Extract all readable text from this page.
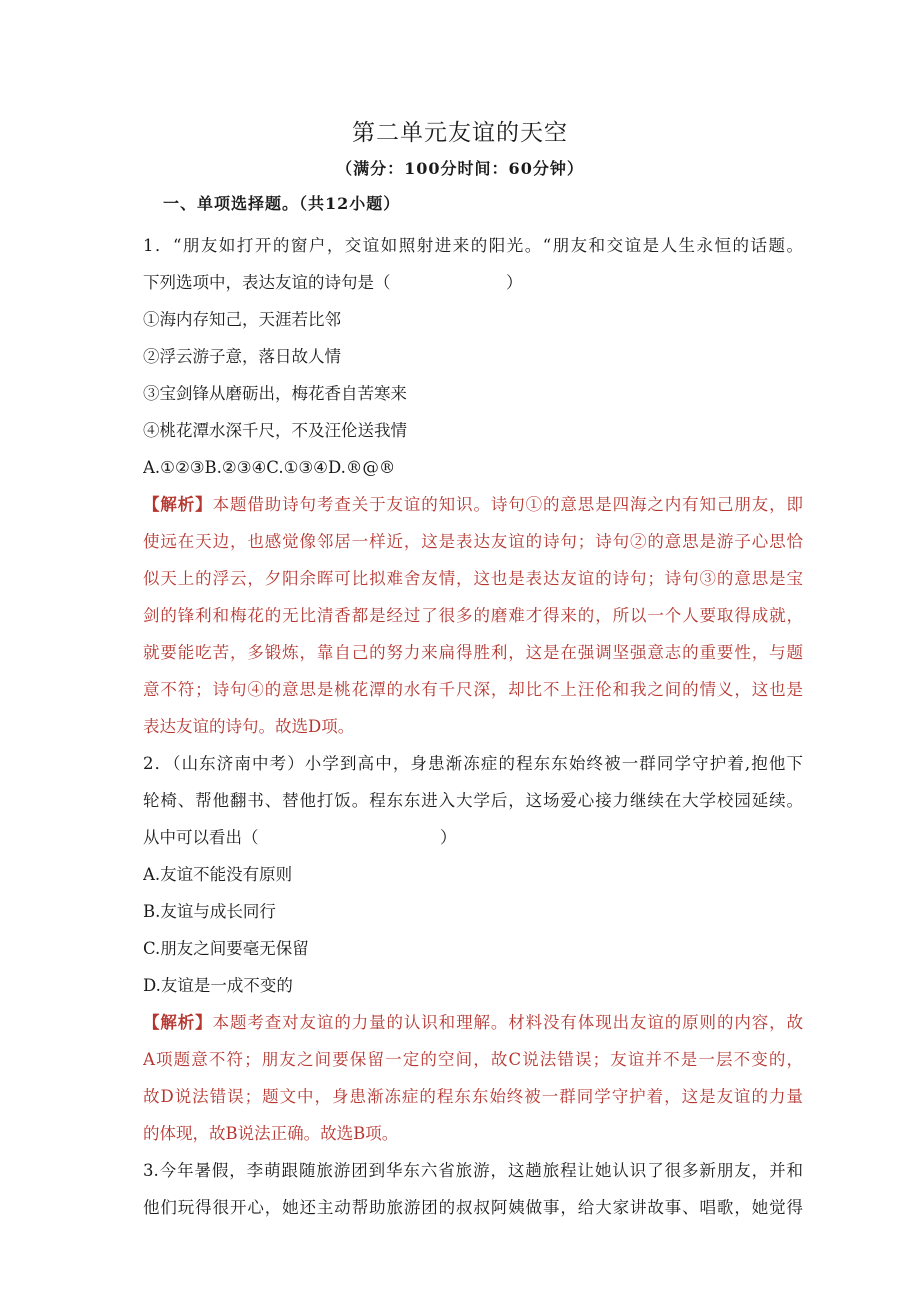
第二单元友谊的天空
（满分：100分时间：60分钟）
一、单项选择题。（共12小题）
1．“朋友如打开的窗户，交谊如照射进来的阳光。“朋友和交谊是人生永恒的话题。
下列选项中，表达友谊的诗句是（　　　　　　　）
①海内存知己，天涯若比邻
②浮云游子意，落日故人情
③宝剑锋从磨砺出，梅花香自苦寒来
④桃花潭水深千尺，不及汪伦送我情
A.①②③B.②③④C.①③④D.®@®
【解析】本题借助诗句考查关于友谊的知识。诗句①的意思是四海之内有知己朋友，即
使远在天边，也感觉像邻居一样近，这是表达友谊的诗句；诗句②的意思是游子心思恰
似天上的浮云，夕阳余晖可比拟难舍友情，这也是表达友谊的诗句；诗句③的意思是宝
剑的锋利和梅花的无比清香都是经过了很多的磨难才得来的，所以一个人要取得成就，
就要能吃苦，多锻炼，靠自己的努力来扁得胜利，这是在强调坚强意志的重要性，与题
意不符；诗句④的意思是桃花潭的水有千尺深，却比不上汪伦和我之间的情义，这也是
表达友谊的诗句。故选D项。
2．（山东济南中考）小学到高中，身患渐冻症的程东东始终被一群同学守护着,抱他下
轮椅、帮他翻书、替他打饭。程东东进入大学后，这场爱心接力继续在大学校园延续。
从中可以看出（　　　　　　　　　　　）
A.友谊不能没有原则
B.友谊与成长同行
C.朋友之间要毫无保留
D.友谊是一成不变的
【解析】本题考查对友谊的力量的认识和理解。材料没有体现出友谊的原则的内容，故
A项题意不符；朋友之间要保留一定的空间，故C说法错误；友谊并不是一层不变的，
故D说法错误；题文中，身患渐冻症的程东东始终被一群同学守护着，这是友谊的力量
的体现，故B说法正确。故选B项。
3.今年暑假，李萌跟随旅游团到华东六省旅游，这趟旅程让她认识了很多新朋友，并和
他们玩得很开心，她还主动帮助旅游团的叔叔阿姨做事，给大家讲故事、唱歌，她觉得
